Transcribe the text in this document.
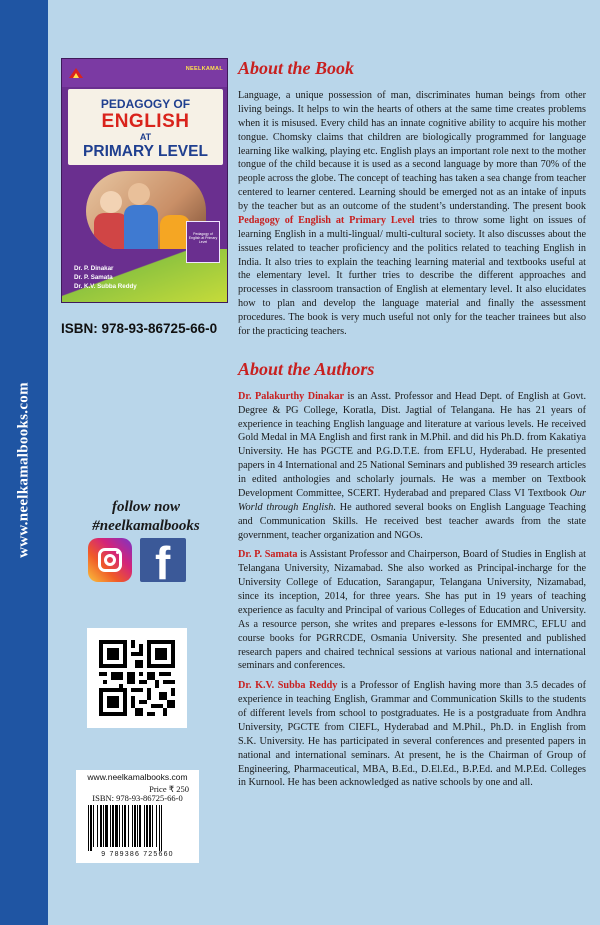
www.neelkamalbooks.com
NEELKAMAL
PEDAGOGY OF
ENGLISH
AT
PRIMARY LEVEL
Pedagogy of English at Primary Level
Dr. P. Dinakar
Dr. P. Samata
Dr. K.V. Subba Reddy
ISBN: 978-93-86725-66-0
follow now
#neelkamalbooks
f
www.neelkamalbooks.com
Price ₹ 250
ISBN: 978-93-86725-66-0
9 789386 725660
About the Book

Language, a unique possession of man, discriminates human beings from other living beings. It helps to win the hearts of others at the same time creates problems when it is misused. Every child has an innate cognitive ability to acquire his mother tongue. Chomsky claims that children are biologically programmed for language learning like walking, playing etc. English plays an important role next to the mother tongue of the child because it is used as a second language by more than 70% of the people across the globe. The concept of teaching has taken a sea change from teacher centered to learner centered. Learning should be emerged not as an intake of inputs by the teacher but as an outcome of the student’s understanding. The present book Pedagogy of English at Primary Level tries to throw some light on issues of learning English in a multi-lingual/ multi-cultural society. It also discusses about the issues related to teacher proficiency and the politics related to teaching English in India. It also tries to explain the teaching learning material and textbooks useful at the elementary level. It further tries to describe the different approaches and processes in classroom transaction of English at elementary level. It also elucidates how to plan and develop the language material and finally the assessment procedures. The book is very much useful not only for the teacher trainees but also for the practicing teachers.

About the Authors

Dr. Palakurthy Dinakar is an Asst. Professor and Head Dept. of English at Govt. Degree & PG College, Koratla, Dist. Jagtial of Telangana. He has 21 years of experience in teaching English language and literature at various levels. He received Gold Medal in MA English and first rank in M.Phil. and did his Ph.D. from Kakatiya University. He has PGCTE and P.G.D.T.E. from EFLU, Hyderabad. He presented papers in 4 International and 25 National Seminars and published 39 research articles in edited anthologies and scholarly journals. He was a member on Textbook Development Committee, SCERT. Hyderabad and prepared Class VI Textbook Our World through English. He authored several books on English Language Teaching and Communication Skills. He received best teacher awards from the state government, teacher organization and NGOs.

Dr. P. Samata is Assistant Professor and Chairperson, Board of Studies in English at Telangana University, Nizamabad. She also worked as Principal-incharge for the University College of Education, Sarangapur, Telangana University, Nizamabad, since its inception, 2014, for three years. She has put in 19 years of teaching experience as faculty and Principal of various Colleges of Education and University. As a resource person, she writes and prepares e-lessons for EMMRC, EFLU and course books for PGRRCDE, Osmania University. She presented and published research papers and chaired technical sessions at various national and international seminars and conferences.

Dr. K.V. Subba Reddy is a Professor of English having more than 3.5 decades of experience in teaching English, Grammar and Communication Skills to the students of different levels from school to postgraduates. He is a postgraduate from Andhra University, PGCTE from CIEFL, Hyderabad and M.Phil., Ph.D. in English from S.K. University. He has participated in several conferences and presented papers in national and international seminars. At present, he is the Chairman of Group of Engineering, Pharmaceutical, MBA, B.Ed., D.El.Ed., B.P.Ed. and M.P.Ed. Colleges in Kurnool. He has been acknowledged as native schools by one and all.
